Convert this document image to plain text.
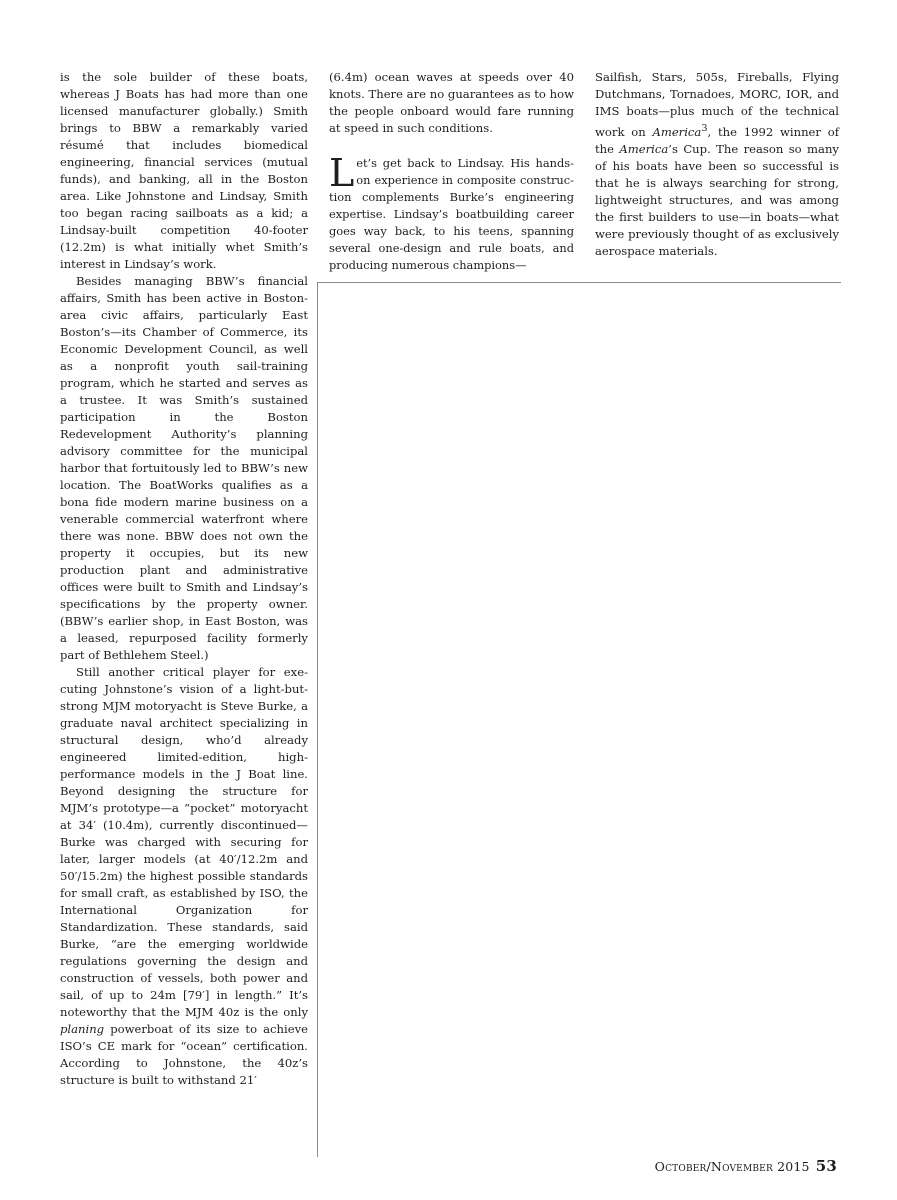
is the sole builder of these boats, whereas J Boats has had more than one licensed manufacturer globally.) Smith brings to BBW a remarkably varied résumé that includes biomedical engineering, financial services (mutual funds), and banking, all in the Boston area. Like Johnstone and Lindsay, Smith too began racing sailboats as a kid; a Lindsay-built competition 40-footer (12.2m) is what initially whet Smith’s interest in Lindsay’s work.

Besides managing BBW’s financial affairs, Smith has been active in Boston-area civic affairs, particularly East Boston’s—its Chamber of Commerce, its Economic Development Council, as well as a nonprofit youth sail-training program, which he started and serves as a trustee. It was Smith’s sustained participation in the Boston Redevelopment Authority’s planning advisory committee for the municipal harbor that fortuitously led to BBW’s new location. The BoatWorks qualifies as a bona fide modern marine business on a venerable commercial waterfront where there was none. BBW does not own the property it occupies, but its new production plant and administrative offices were built to Smith and Lindsay’s specifications by the property owner. (BBW’s earlier shop, in East Boston, was a leased, repurposed facility formerly part of Bethlehem Steel.)

Still another critical player for executing Johnstone’s vision of a light-but-strong MJM motoryacht is Steve Burke, a graduate naval architect specializing in structural design, who’d already engineered limited-edition, high-performance models in the J Boat line. Beyond designing the structure for MJM’s prototype—a “pocket” motoryacht at 34′ (10.4m), currently discontinued—Burke was charged with securing for later, larger models (at 40′/12.2m and 50′/15.2m) the highest possible standards for small craft, as established by ISO, the International Organization for Standardization. These standards, said Burke, “are the emerging worldwide regulations governing the design and construction of vessels, both power and sail, of up to 24m [79′] in length.” It’s noteworthy that the MJM 40z is the only planing powerboat of its size to achieve ISO’s CE mark for “ocean” certification. According to Johnstone, the 40z’s structure is built to withstand 21′

(6.4m) ocean waves at speeds over 40 knots. There are no guarantees as to how the people onboard would fare running at speed in such conditions.

Let’s get back to Lindsay. His hands-on experience in composite construction complements Burke’s engineering expertise. Lindsay’s boatbuilding career goes way back, to his teens, spanning several one-design and rule boats, and producing numerous champions—

Sailfish, Stars, 505s, Fireballs, Flying Dutchmans, Tornadoes, MORC, IOR, and IMS boats—plus much of the technical work on America$^3$, the 1992 winner of the America’s Cup. The reason so many of his boats have been so successful is that he is always searching for strong, lightweight structures, and was among the first builders to use—in boats—what were previously thought of as exclusively aerospace materials.

October/November 2015 53
